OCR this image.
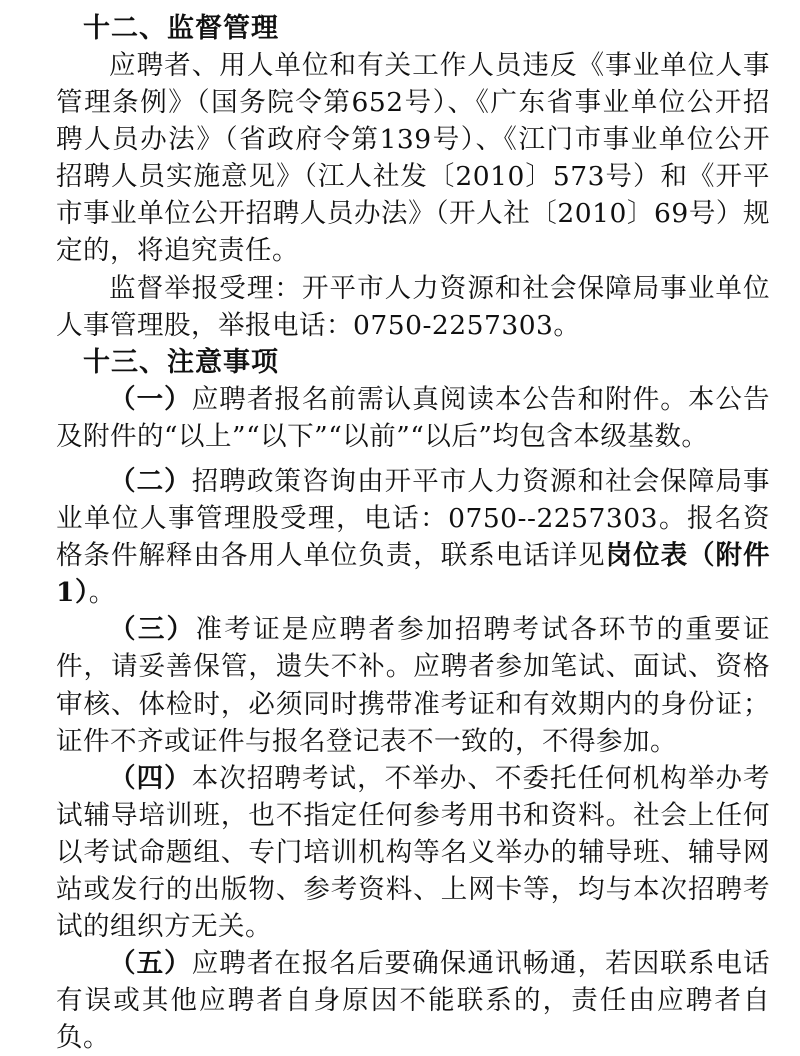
十二、监督管理

应聘者、用人单位和有关工作人员违反《事业单位人事管理条例》（国务院令第652号）、《广东省事业单位公开招聘人员办法》（省政府令第139号）、《江门市事业单位公开招聘人员实施意见》（江人社发〔2010〕573号）和《开平市事业单位公开招聘人员办法》（开人社〔2010〕69号）规定的，将追究责任。

监督举报受理：开平市人力资源和社会保障局事业单位人事管理股，举报电话：0750-2257303。

十三、注意事项

（一）应聘者报名前需认真阅读本公告和附件。本公告及附件的“以上”“以下”“以前”“以后”均包含本级基数。

（二）招聘政策咨询由开平市人力资源和社会保障局事业单位人事管理股受理，电话：0750--2257303。报名资格条件解释由各用人单位负责，联系电话详见岗位表（附件1）。

（三）准考证是应聘者参加招聘考试各环节的重要证件，请妥善保管，遗失不补。应聘者参加笔试、面试、资格审核、体检时，必须同时携带准考证和有效期内的身份证；证件不齐或证件与报名登记表不一致的，不得参加。

（四）本次招聘考试，不举办、不委托任何机构举办考试辅导培训班，也不指定任何参考用书和资料。社会上任何以考试命题组、专门培训机构等名义举办的辅导班、辅导网站或发行的出版物、参考资料、上网卡等，均与本次招聘考试的组织方无关。

（五）应聘者在报名后要确保通讯畅通，若因联系电话有误或其他应聘者自身原因不能联系的，责任由应聘者自负。
